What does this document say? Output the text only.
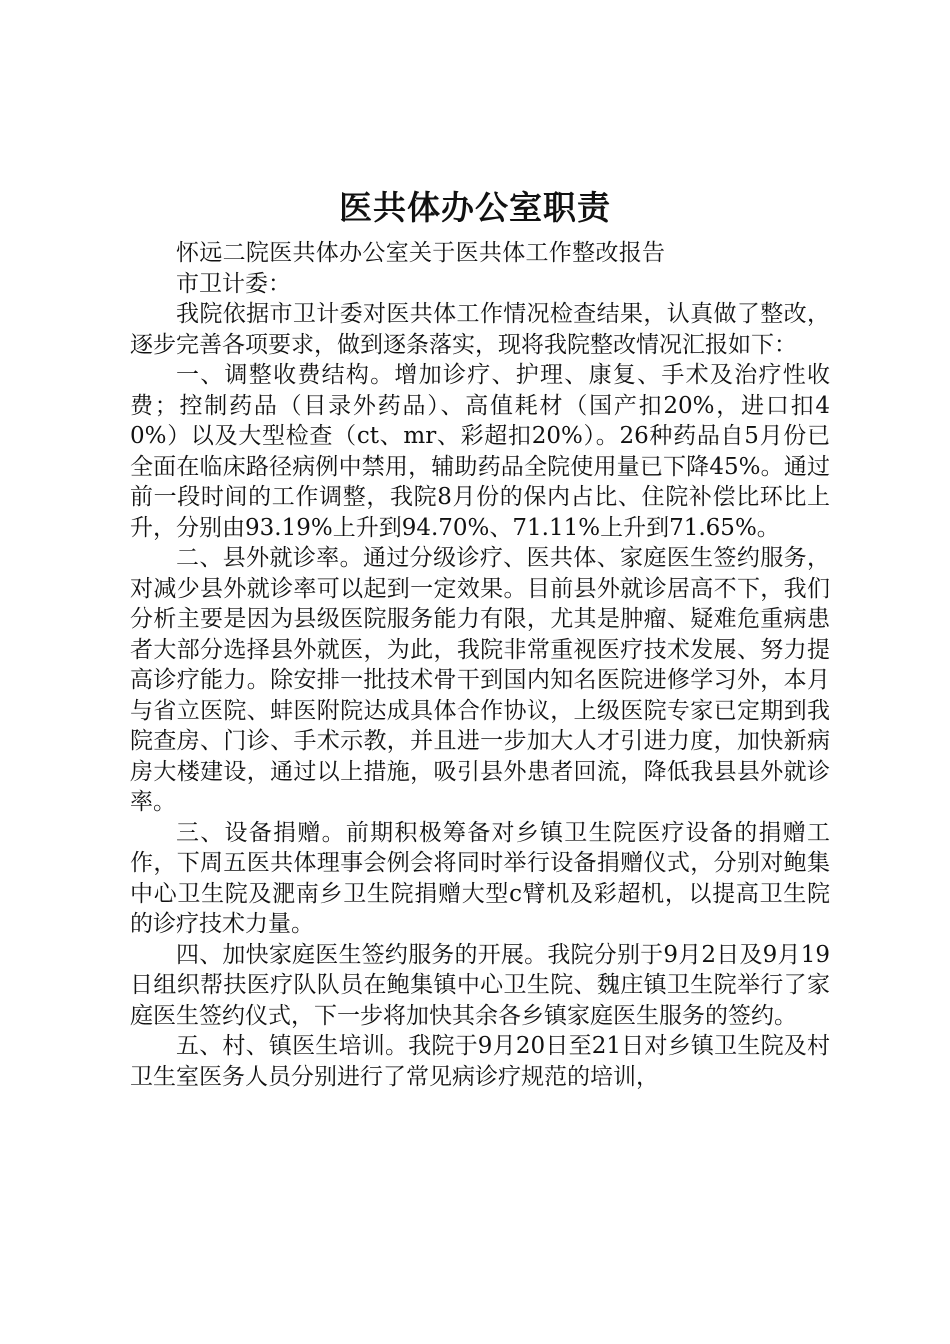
医共体办公室职责

怀远二院医共体办公室关于医共体工作整改报告

市卫计委：

我院依据市卫计委对医共体工作情况检查结果，认真做了整改，逐步完善各项要求，做到逐条落实，现将我院整改情况汇报如下：

一、调整收费结构。增加诊疗、护理、康复、手术及治疗性收费；控制药品（目录外药品）、高值耗材（国产扣20%，进口扣40%）以及大型检查（ct、mr、彩超扣20%）。26种药品自5月份已全面在临床路径病例中禁用，辅助药品全院使用量已下降45%。通过前一段时间的工作调整，我院8月份的保内占比、住院补偿比环比上升，分别由93.19%上升到94.70%、71.11%上升到71.65%。

二、县外就诊率。通过分级诊疗、医共体、家庭医生签约服务，对减少县外就诊率可以起到一定效果。目前县外就诊居高不下，我们分析主要是因为县级医院服务能力有限，尤其是肿瘤、疑难危重病患者大部分选择县外就医，为此，我院非常重视医疗技术发展、努力提高诊疗能力。除安排一批技术骨干到国内知名医院进修学习外，本月与省立医院、蚌医附院达成具体合作协议，上级医院专家已定期到我院查房、门诊、手术示教，并且进一步加大人才引进力度，加快新病房大楼建设，通过以上措施，吸引县外患者回流，降低我县县外就诊率。

三、设备捐赠。前期积极筹备对乡镇卫生院医疗设备的捐赠工作，下周五医共体理事会例会将同时举行设备捐赠仪式，分别对鲍集中心卫生院及淝南乡卫生院捐赠大型c臂机及彩超机，以提高卫生院的诊疗技术力量。

四、加快家庭医生签约服务的开展。我院分别于9月2日及9月19日组织帮扶医疗队队员在鲍集镇中心卫生院、魏庄镇卫生院举行了家庭医生签约仪式，下一步将加快其余各乡镇家庭医生服务的签约。

五、村、镇医生培训。我院于9月20日至21日对乡镇卫生院及村卫生室医务人员分别进行了常见病诊疗规范的培训，
